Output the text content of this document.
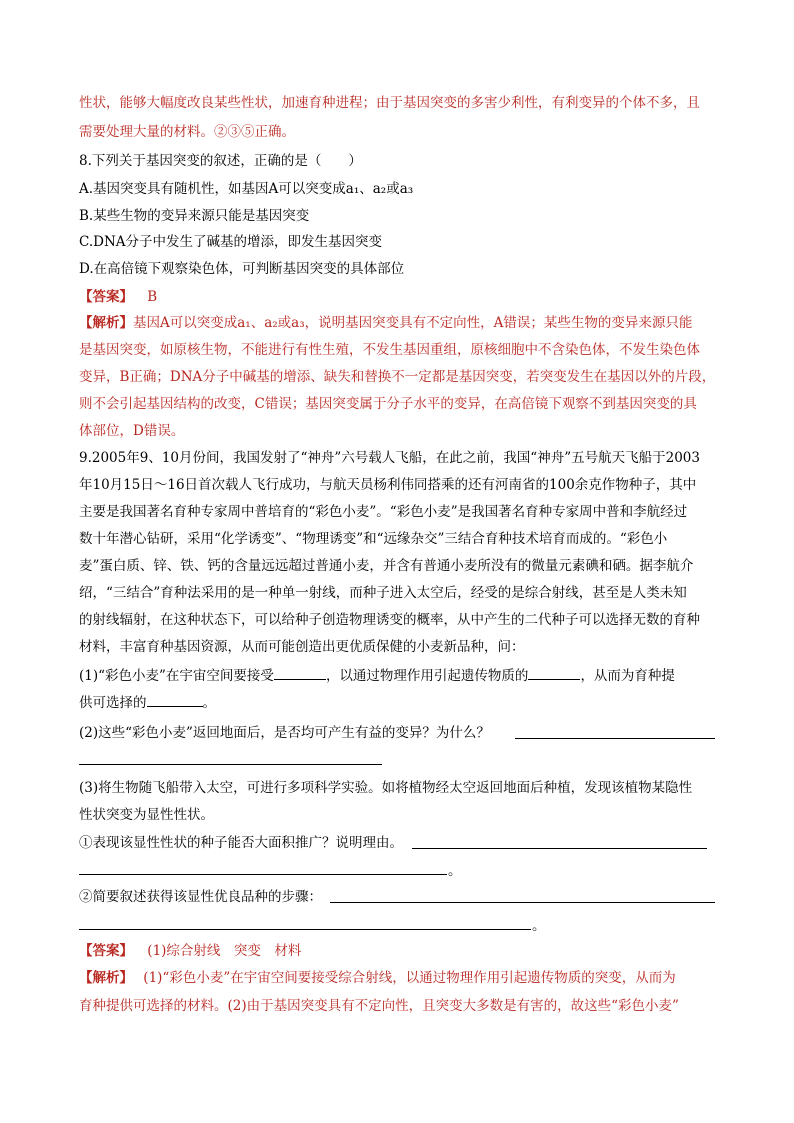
性状，能够大幅度改良某些性状，加速育种进程；由于基因突变的多害少利性，有利变异的个体不多，且
需要处理大量的材料。②③⑤正确。
8.下列关于基因突变的叙述，正确的是（　　）
A.基因突变具有随机性，如基因A可以突变成a₁、a₂或a₃
B.某些生物的变异来源只能是基因突变
C.DNA分子中发生了碱基的增添，即发生基因突变
D.在高倍镜下观察染色体，可判断基因突变的具体部位
【答案】 B
【解析】基因A可以突变成a₁、a₂或a₃，说明基因突变具有不定向性，A错误；某些生物的变异来源只能
是基因突变，如原核生物，不能进行有性生殖，不发生基因重组，原核细胞中不含染色体，不发生染色体
变异，B正确；DNA分子中碱基的增添、缺失和替换不一定都是基因突变，若突变发生在基因以外的片段，
则不会引起基因结构的改变，C错误；基因突变属于分子水平的变异，在高倍镜下观察不到基因突变的具
体部位，D错误。
9.2005年9、10月份间，我国发射了“神舟”六号载人飞船，在此之前，我国“神舟”五号航天飞船于2003
年10月15日～16日首次载人飞行成功，与航天员杨利伟同搭乘的还有河南省的100余克作物种子，其中
主要是我国著名育种专家周中普培育的“彩色小麦”。“彩色小麦”是我国著名育种专家周中普和李航经过
数十年潜心钻研，采用“化学诱变”、“物理诱变”和“远缘杂交”三结合育种技术培育而成的。“彩色小
麦”蛋白质、锌、铁、钙的含量远远超过普通小麦，并含有普通小麦所没有的微量元素碘和硒。据李航介
绍，“三结合”育种法采用的是一种单一射线，而种子进入太空后，经受的是综合射线，甚至是人类未知
的射线辐射，在这种状态下，可以给种子创造物理诱变的概率，从中产生的二代种子可以选择无数的育种
材料，丰富育种基因资源，从而可能创造出更优质保健的小麦新品种，问：
(1)“彩色小麦”在宇宙空间要接受	，以通过物理作用引起遗传物质的	，从而为育种提
供可选择的	。
(2)这些“彩色小麦”返回地面后，是否均可产生有益的变异？为什么？
(3)将生物随飞船带入太空，可进行多项科学实验。如将植物经太空返回地面后种植，发现该植物某隐性
性状突变为显性性状。
①表现该显性性状的种子能否大面积推广？说明理由。
。
②简要叙述获得该显性优良品种的步骤：
。
【答案】 (1)综合射线　突变　材料
【解析】 (1)“彩色小麦”在宇宙空间要接受综合射线，以通过物理作用引起遗传物质的突变，从而为
育种提供可选择的材料。(2)由于基因突变具有不定向性，且突变大多数是有害的，故这些“彩色小麦”
